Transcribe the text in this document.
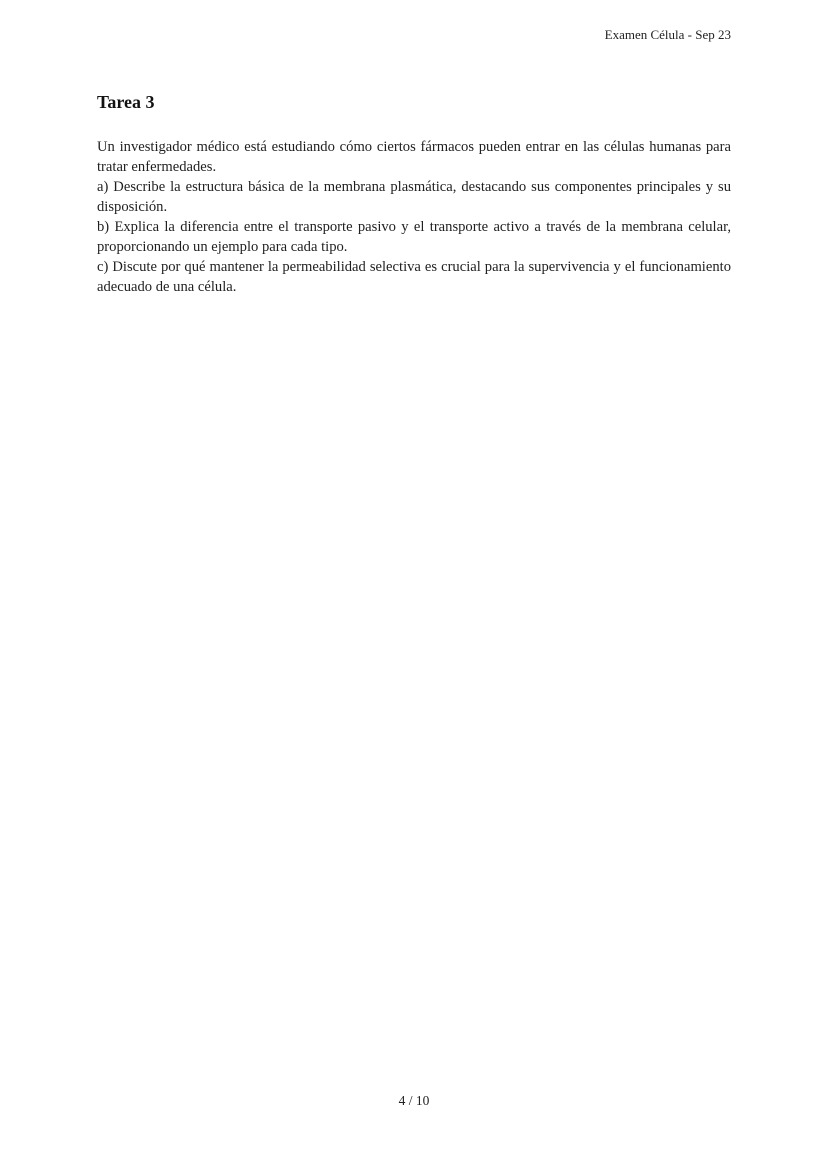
Examen Célula - Sep 23
Tarea 3

Un investigador médico está estudiando cómo ciertos fármacos pueden entrar en las células humanas para tratar enfermedades.

a) Describe la estructura básica de la membrana plasmática, destacando sus componentes principales y su disposición.

b) Explica la diferencia entre el transporte pasivo y el transporte activo a través de la membrana celular, proporcionando un ejemplo para cada tipo.

c) Discute por qué mantener la permeabilidad selectiva es crucial para la supervivencia y el funcionamiento adecuado de una célula.

4 / 10
